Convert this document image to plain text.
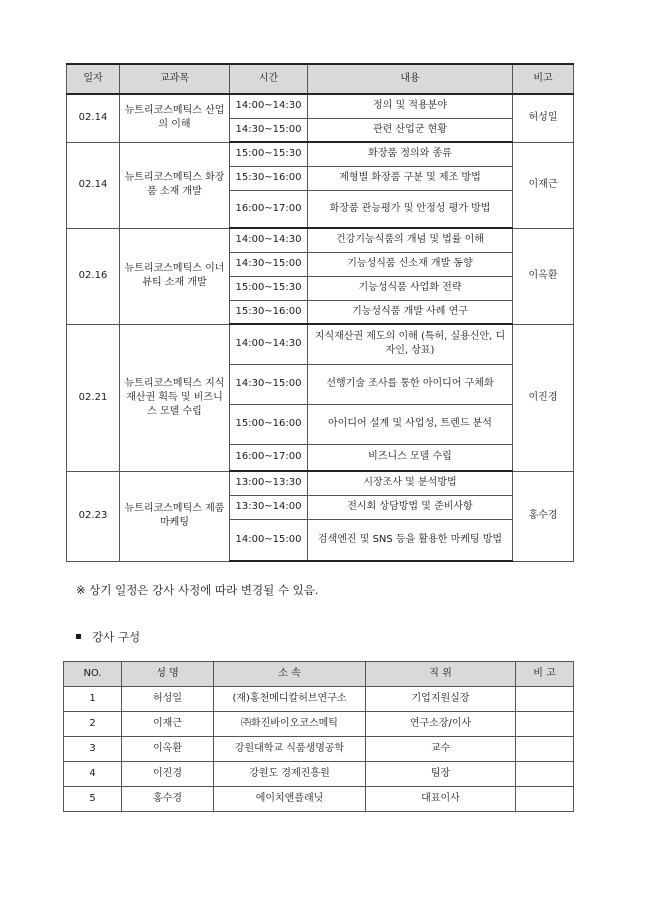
일자	교과목	시간	내용	비고
02.14	뉴트리코스메틱스 산업의 이해	14:00~14:30	정의 및 적용분야	허성일
		14:30~15:00	관련 산업군 현황	
02.14	뉴트리코스메틱스 화장품 소재 개발	15:00~15:30	화장품 정의와 종류	이재근
		15:30~16:00	제형별 화장품 구분 및 제조 방법	
		16:00~17:00	화장품 관능평가 및 안정성 평가 방법	
02.16	뉴트리코스메틱스 이너뷰티 소재 개발	14:00~14:30	건강기능식품의 개념 및 법률 이해	이옥환
		14:30~15:00	기능성식품 신소재 개발 동향	
		15:00~15:30	기능성식품 사업화 전략	
		15:30~16:00	기능성식품 개발 사례 연구	
02.21	뉴트리코스메틱스 지식재산권 획득 및 비즈니스 모델 수립	14:00~14:30	지식재산권 제도의 이해 (특허, 실용신안, 디자인, 상표)	이진경
		14:30~15:00	선행기술 조사를 통한 아이디어 구체화	
		15:00~16:00	아이디어 설계 및 사업성, 트렌드 분석	
		16:00~17:00	비즈니스 모델 수립	
02.23	뉴트리코스메틱스 제품 마케팅	13:00~13:30	시장조사 및 분석방법	홍수경
		13:30~14:00	전시회 상담방법 및 준비사항	
		14:00~15:00	검색엔진 및 SNS 등을 활용한 마케팅 방법	
※ 상기 일정은 강사 사정에 따라 변경될 수 있음.
강사 구성
NO.	성 명	소 속	직 위	비 고
1	허성일	(재)홍천메디칼허브연구소	기업지원실장	
2	이재근	㈜화진바이오코스메틱	연구소장/이사	
3	이옥환	강원대학교 식품생명공학	교수	
4	이진경	강원도 경제진흥원	팀장	
5	홍수경	에이치앤플래닛	대표이사	
